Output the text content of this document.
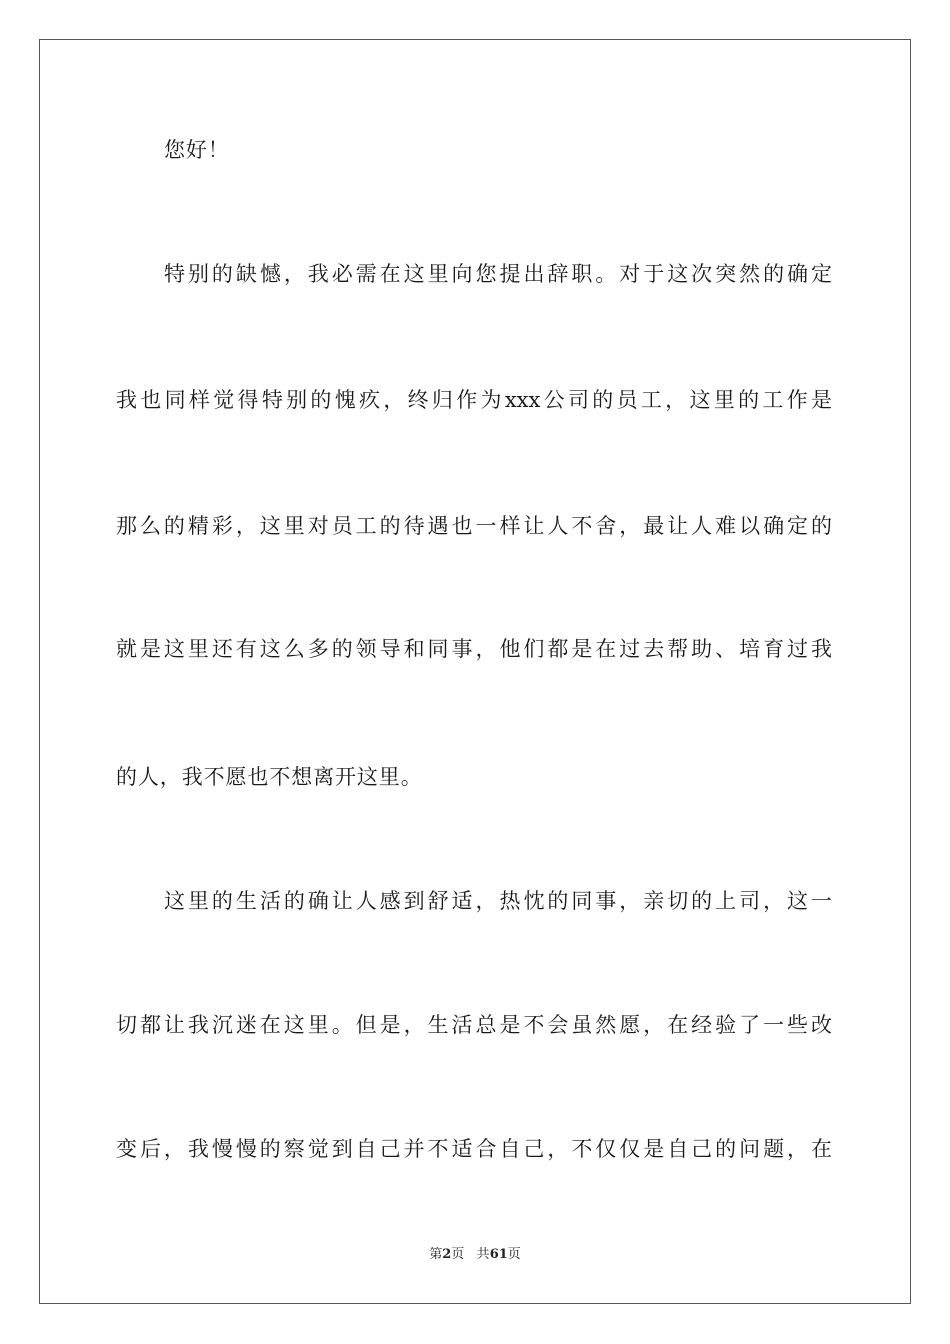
您好！
特别的缺憾，我必需在这里向您提出辞职。对于这次突然的确定
我也同样觉得特别的愧疚，终归作为xxx公司的员工，这里的工作是
那么的精彩，这里对员工的待遇也一样让人不舍，最让人难以确定的
就是这里还有这么多的领导和同事，他们都是在过去帮助、培育过我
的人，我不愿也不想离开这里。
这里的生活的确让人感到舒适，热忱的同事，亲切的上司，这一
切都让我沉迷在这里。但是，生活总是不会虽然愿，在经验了一些改
变后，我慢慢的察觉到自己并不适合自己，不仅仅是自己的问题，在
第2页 共61页
